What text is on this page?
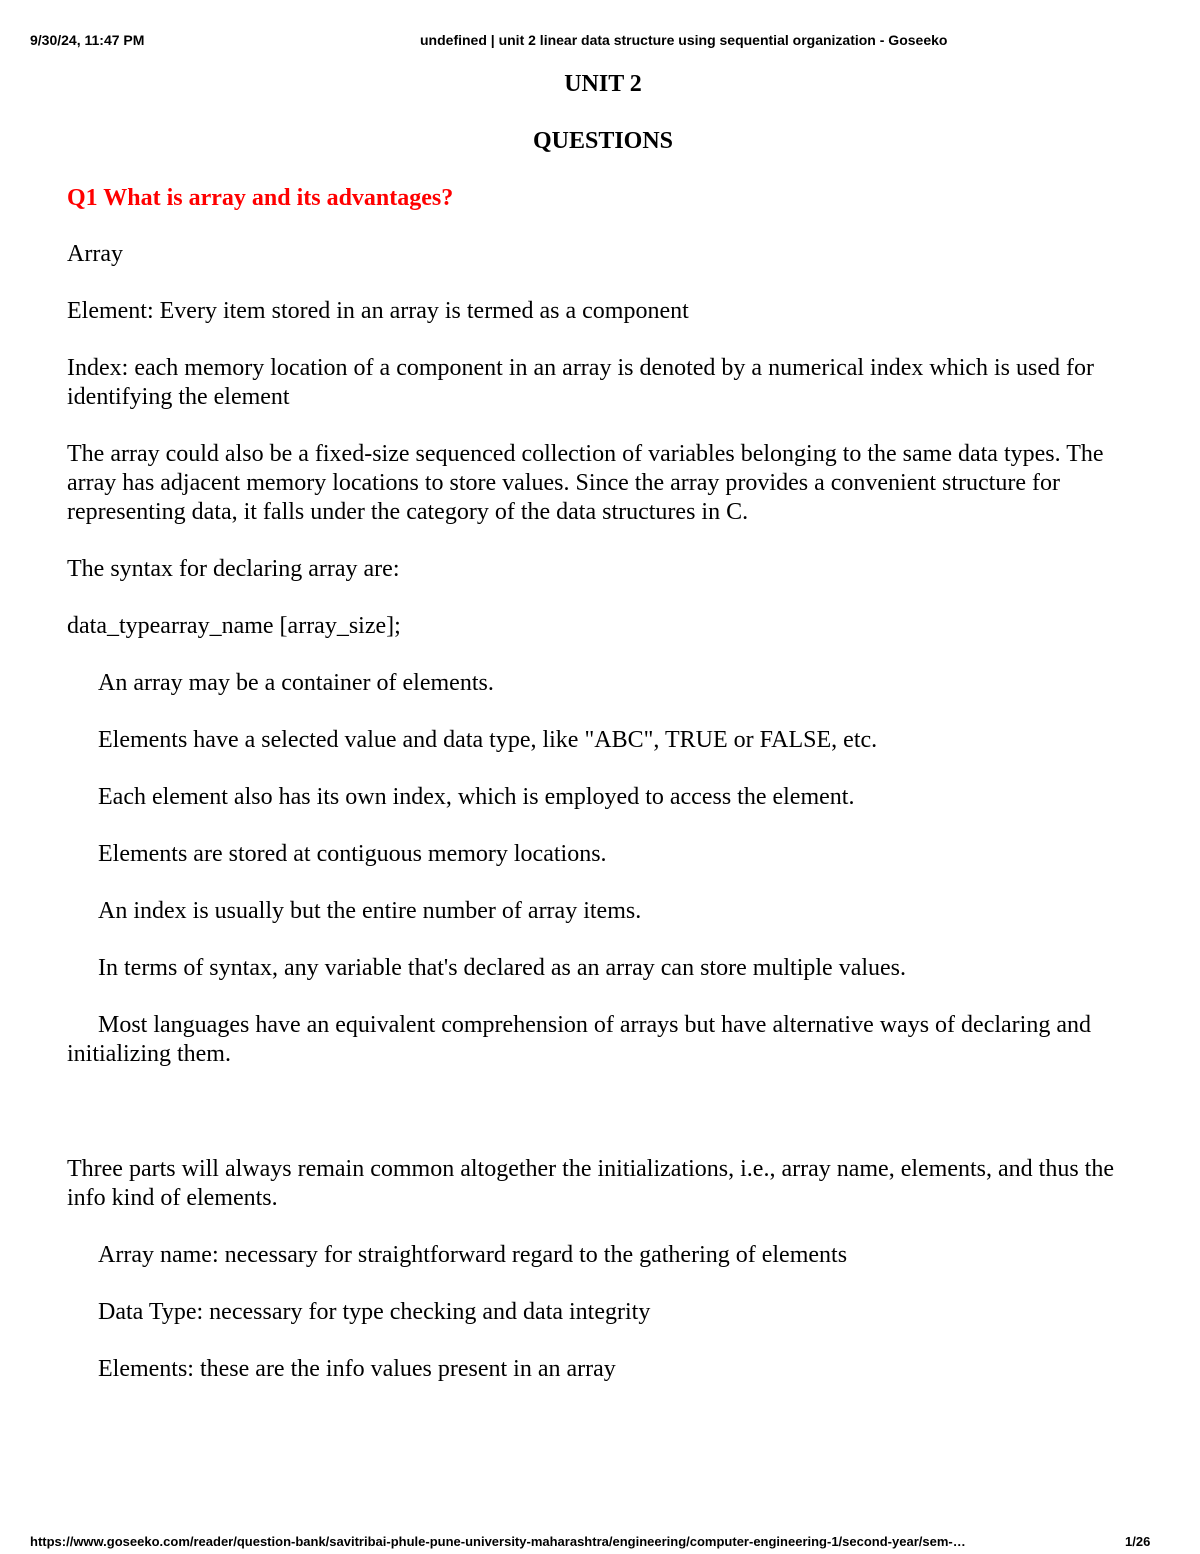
9/30/24, 11:47 PM	undefined | unit 2 linear data structure using sequential organization - Goseeko
UNIT 2
QUESTIONS
Q1 What is array and its advantages?

Array

Element: Every item stored in an array is termed as a component

Index: each memory location of a component in an array is denoted by a numerical index which is used for identifying the element

The array could also be a fixed-size sequenced collection of variables belonging to the same data types. The array has adjacent memory locations to store values. Since the array provides a convenient structure for representing data, it falls under the category of the data structures in C.

The syntax for declaring array are:

data_typearray_name [array_size];

An array may be a container of elements.

Elements have a selected value and data type, like "ABC", TRUE or FALSE, etc.

Each element also has its own index, which is employed to access the element.

Elements are stored at contiguous memory locations.

An index is usually but the entire number of array items.

In terms of syntax, any variable that's declared as an array can store multiple values.

Most languages have an equivalent comprehension of arrays but have alternative ways of declaring and initializing them.

Three parts will always remain common altogether the initializations, i.e., array name, elements, and thus the info kind of elements.

Array name: necessary for straightforward regard to the gathering of elements

Data Type: necessary for type checking and data integrity

Elements: these are the info values present in an array

https://www.goseeko.com/reader/question-bank/savitribai-phule-pune-university-maharashtra/engineering/computer-engineering-1/second-year/sem-…	1/26
